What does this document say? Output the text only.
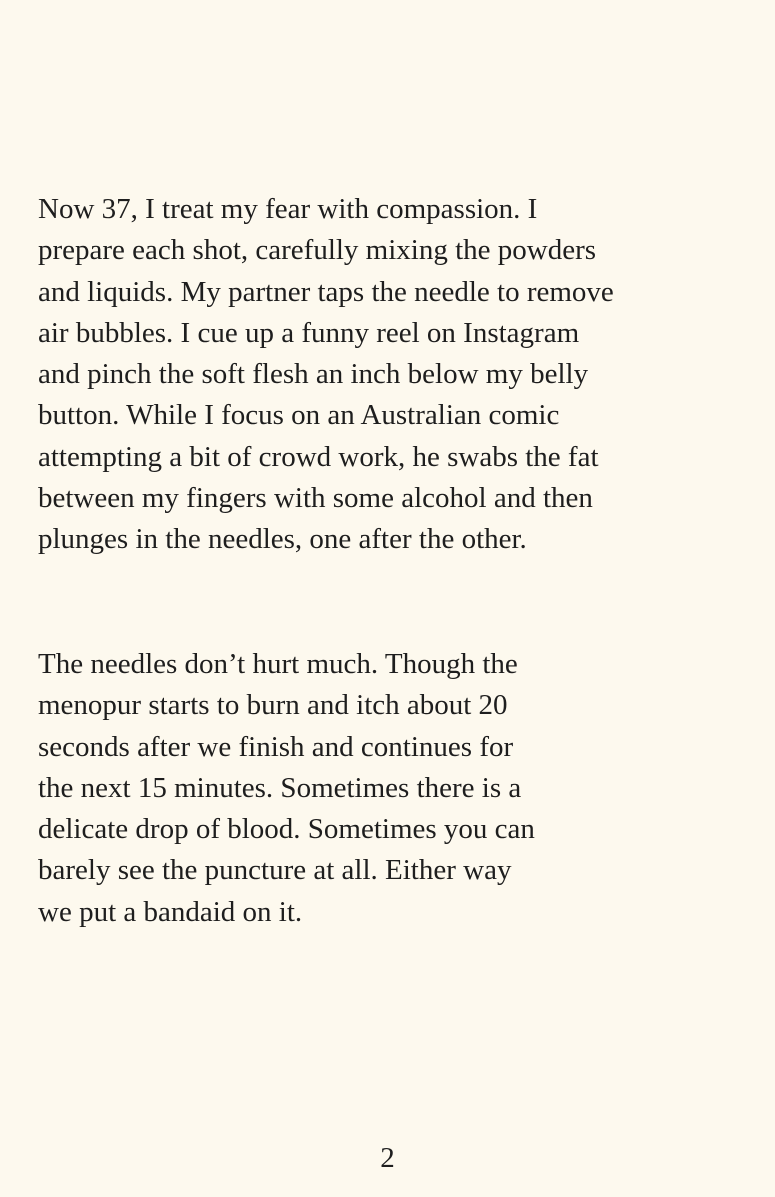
Now 37, I treat my fear with compassion. I
prepare each shot, carefully mixing the powders
and liquids. My partner taps the needle to remove
air bubbles. I cue up a funny reel on Instagram
and pinch the soft flesh an inch below my belly
button. While I focus on an Australian comic
attempting a bit of crowd work, he swabs the fat
between my fingers with some alcohol and then
plunges in the needles, one after the other.

The needles don’t hurt much. Though the
menopur starts to burn and itch about 20
seconds after we finish and continues for
the next 15 minutes. Sometimes there is a
delicate drop of blood. Sometimes you can
barely see the puncture at all. Either way
we put a bandaid on it.

2
